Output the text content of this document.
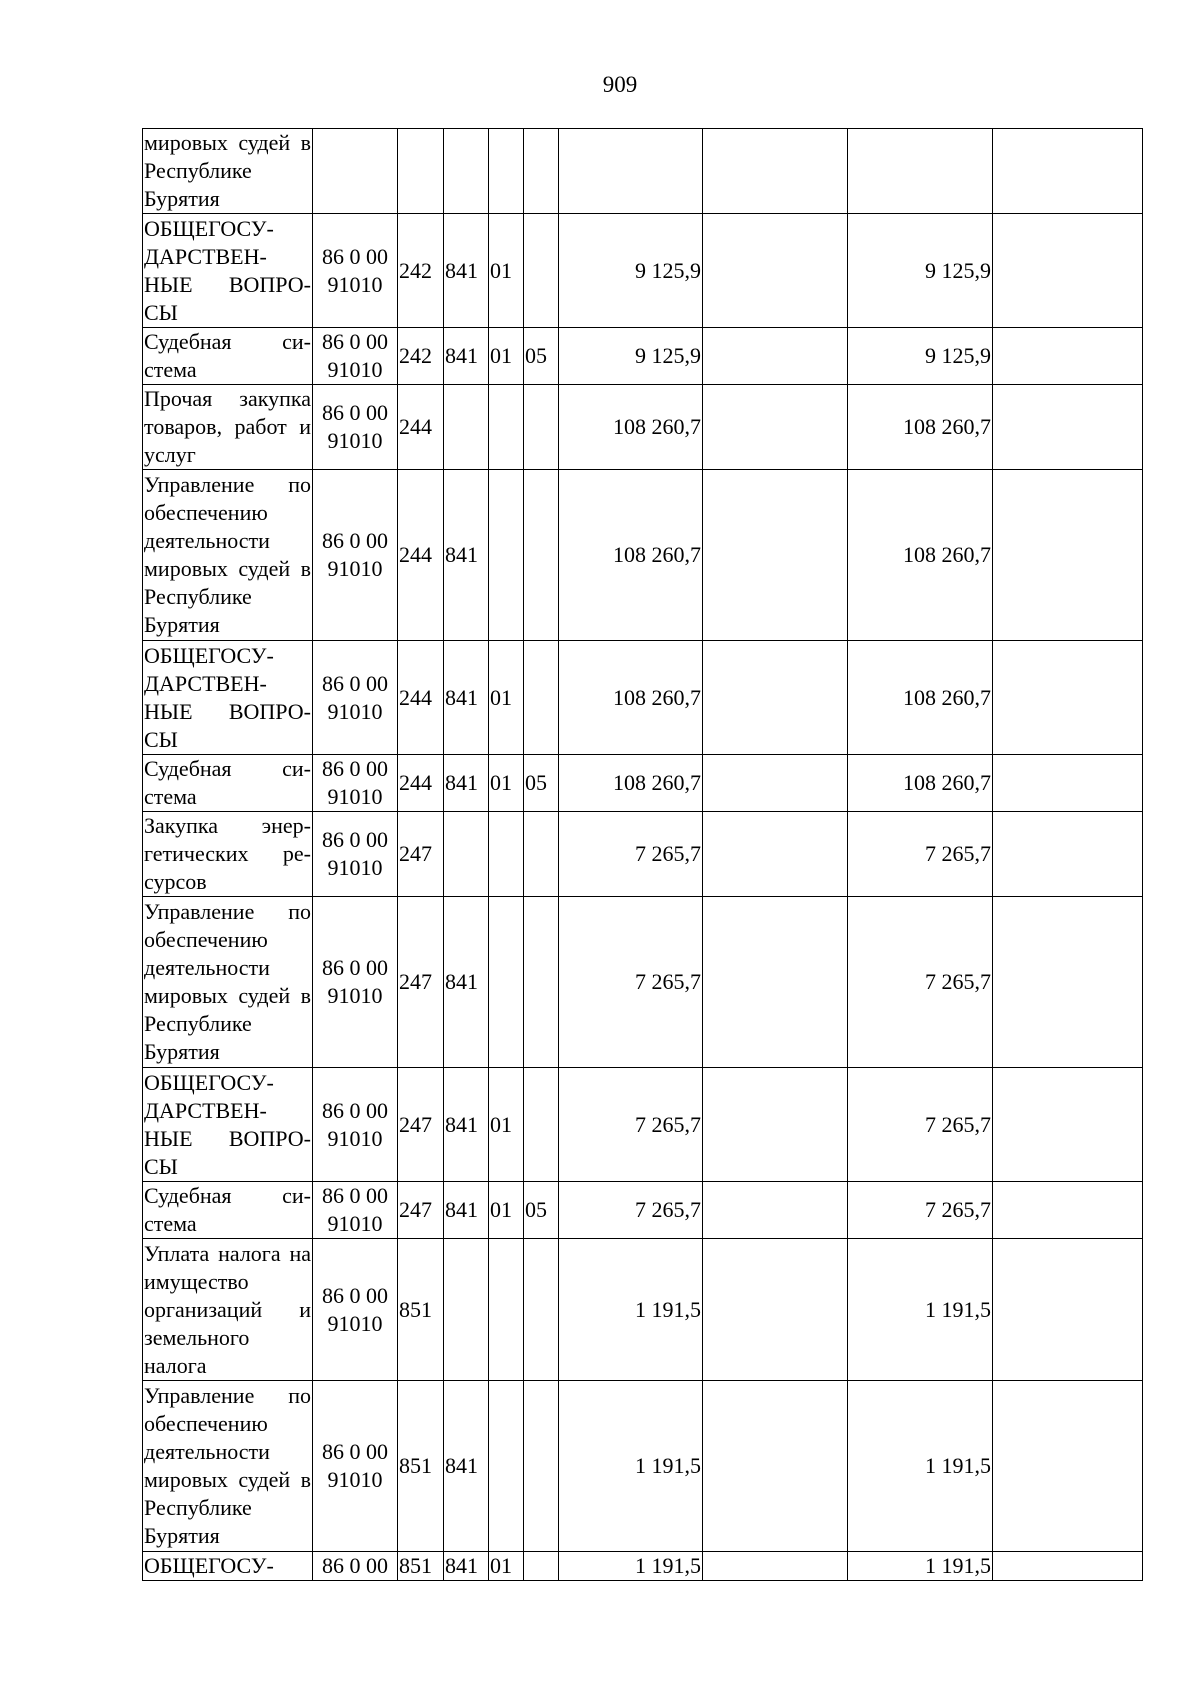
909
мировых судей в Республике Бурятия									
ОБЩЕГОСУ-ДАРСТВЕН-НЫЕ ВОПРО-СЫ	86 0 00 91010	242	841	01		9 125,9		9 125,9	
Судебная си-стема	86 0 00 91010	242	841	01	05	9 125,9		9 125,9	
Прочая закупка товаров, работ и услуг	86 0 00 91010	244				108 260,7		108 260,7	
Управление по обеспечению деятельности мировых судей в Республике Бурятия	86 0 00 91010	244	841			108 260,7		108 260,7	
ОБЩЕГОСУ-ДАРСТВЕН-НЫЕ ВОПРО-СЫ	86 0 00 91010	244	841	01		108 260,7		108 260,7	
Судебная си-стема	86 0 00 91010	244	841	01	05	108 260,7		108 260,7	
Закупка энер-гетических ре-сурсов	86 0 00 91010	247				7 265,7		7 265,7	
Управление по обеспечению деятельности мировых судей в Республике Бурятия	86 0 00 91010	247	841			7 265,7		7 265,7	
ОБЩЕГОСУ-ДАРСТВЕН-НЫЕ ВОПРО-СЫ	86 0 00 91010	247	841	01		7 265,7		7 265,7	
Судебная си-стема	86 0 00 91010	247	841	01	05	7 265,7		7 265,7	
Уплата налога на имущество организаций и земельного налога	86 0 00 91010	851				1 191,5		1 191,5	
Управление по обеспечению деятельности мировых судей в Республике Бурятия	86 0 00 91010	851	841			1 191,5		1 191,5	
ОБЩЕГОСУ-	86 0 00	851	841	01		1 191,5		1 191,5	
